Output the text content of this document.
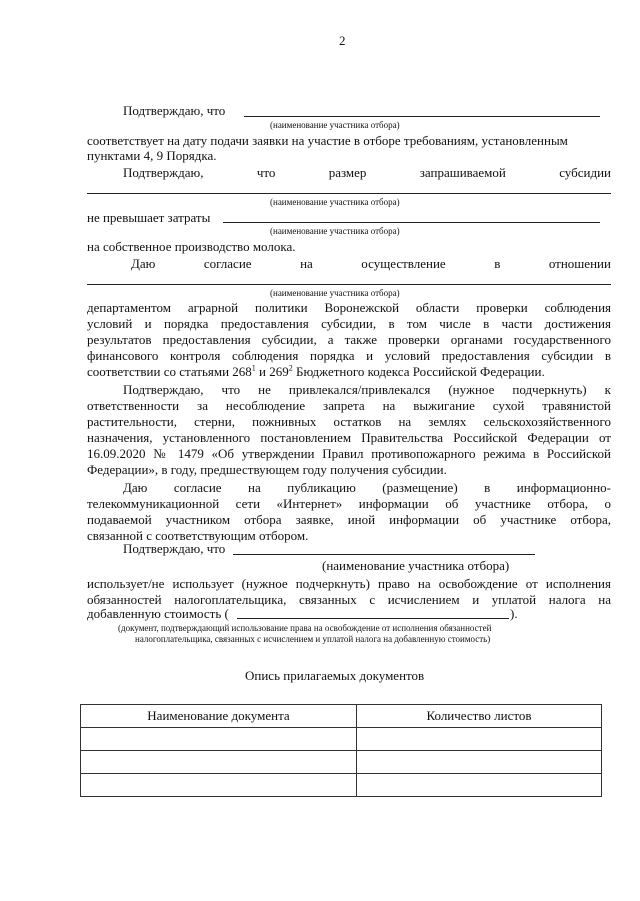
2
Подтверждаю, что
(наименование участника отбора)
соответствует на дату подачи заявки на участие в отборе требованиям, установленным
пунктами 4, 9 Порядка.
Подтверждаю,	что	размер	запрашиваемой	субсидии
(наименование участника отбора)
не превышает затраты
(наименование участника отбора)
на собственное производство молока.
Даю	согласие	на	осуществление	в	отношении
(наименование участника отбора)
департаментом аграрной политики Воронежской области проверки соблюдения
условий и порядка предоставления субсидии, в том числе в части достижения
результатов предоставления субсидии, а также проверки органами государственного
финансового контроля соблюдения порядка и условий предоставления субсидии в
соответствии со статьями $268^1$ и $269^2$ Бюджетного кодекса Российской Федерации.
Подтверждаю, что не привлекался/привлекался (нужное подчеркнуть) к
ответственности за несоблюдение запрета на выжигание сухой травянистой
растительности, стерни, пожнивных остатков на землях сельскохозяйственного
назначения, установленного постановлением Правительства Российской Федерации от
16.09.2020 № 1479 «Об утверждении Правил противопожарного режима в Российской
Федерации», в году, предшествующем году получения субсидии.
Даю согласие на публикацию (размещение) в информационно-
телекоммуникационной сети «Интернет» информации об участнике отбора, о
подаваемой участником отбора заявке, иной информации об участнике отбора,
связанной с соответствующим отбором.
Подтверждаю, что
(наименование участника отбора)
использует/не использует (нужное подчеркнуть) право на освобождение от исполнения
обязанностей налогоплательщика, связанных с исчислением и уплатой налога на
добавленную стоимость (	).
(документ, подтверждающий использование права на освобождение от исполнения обязанностей
налогоплательщика, связанных с исчислением и уплатой налога на добавленную стоимость)
Опись прилагаемых документов
Наименование документа	Количество листов
